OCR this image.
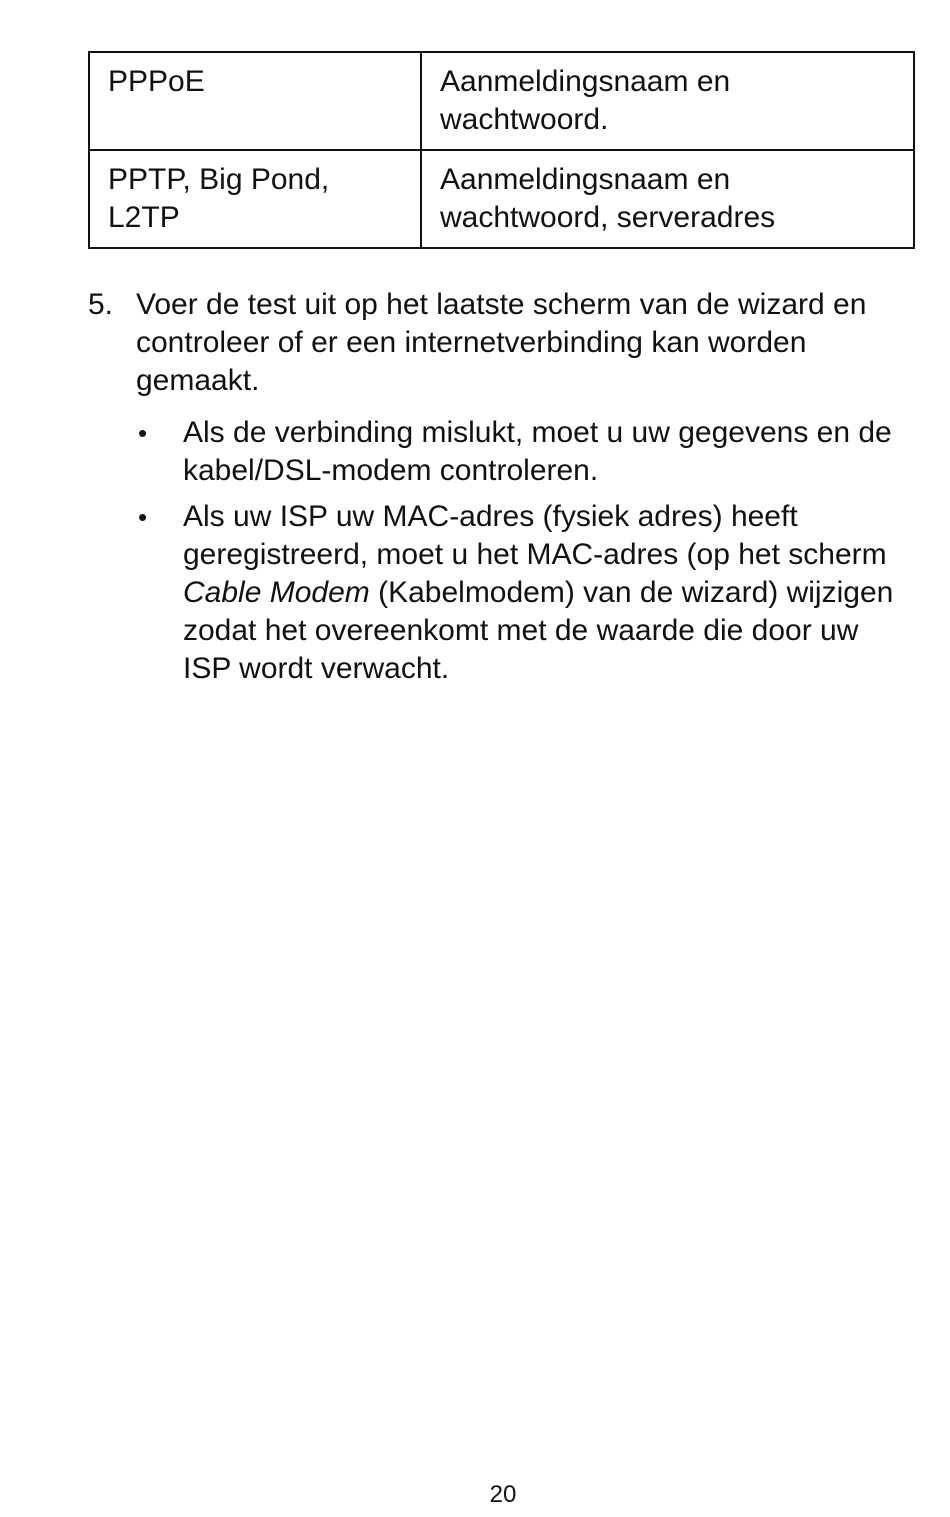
PPPoE	Aanmeldingsnaam en wachtwoord.
PPTP, Big Pond, L2TP	Aanmeldingsnaam en wachtwoord, serveradres
5. Voer de test uit op het laatste scherm van de wizard en controleer of er een internetverbinding kan worden gemaakt.
• Als de verbinding mislukt, moet u uw gegevens en de kabel/DSL-modem controleren.
• Als uw ISP uw MAC-adres (fysiek adres) heeft geregistreerd, moet u het MAC-adres (op het scherm Cable Modem (Kabelmodem) van de wizard) wijzigen zodat het overeenkomt met de waarde die door uw ISP wordt verwacht.
20
